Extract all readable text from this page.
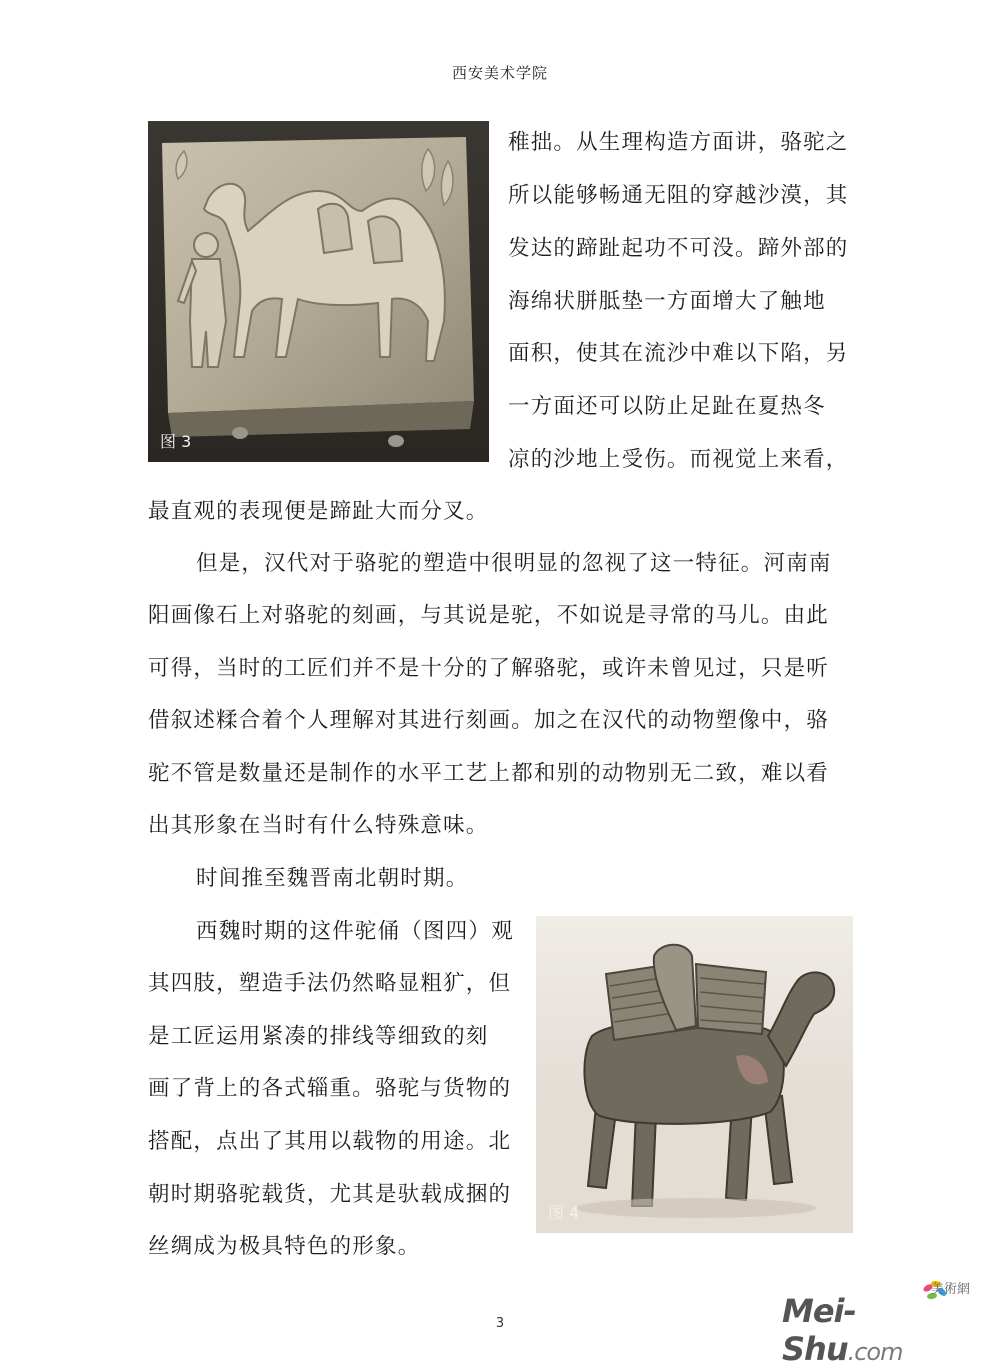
西安美术学院
图 3
图 4
稚拙。从生理构造方面讲，骆驼之
所以能够畅通无阻的穿越沙漠，其
发达的蹄趾起功不可没。蹄外部的
海绵状胼胝垫一方面增大了触地
面积，使其在流沙中难以下陷，另
一方面还可以防止足趾在夏热冬
凉的沙地上受伤。而视觉上来看，
最直观的表现便是蹄趾大而分叉。
但是，汉代对于骆驼的塑造中很明显的忽视了这一特征。河南南
阳画像石上对骆驼的刻画，与其说是驼，不如说是寻常的马儿。由此
可得，当时的工匠们并不是十分的了解骆驼，或许未曾见过，只是听
借叙述糅合着个人理解对其进行刻画。加之在汉代的动物塑像中，骆
驼不管是数量还是制作的水平工艺上都和别的动物别无二致，难以看
出其形象在当时有什么特殊意味。
时间推至魏晋南北朝时期。
西魏时期的这件驼俑（图四）观
其四肢，塑造手法仍然略显粗犷，但
是工匠运用紧凑的排线等细致的刻
画了背上的各式辎重。骆驼与货物的
搭配，点出了其用以载物的用途。北
朝时期骆驼载货，尤其是驮载成捆的
丝绸成为极具特色的形象。
3
美術網
Mei-Shu.com
